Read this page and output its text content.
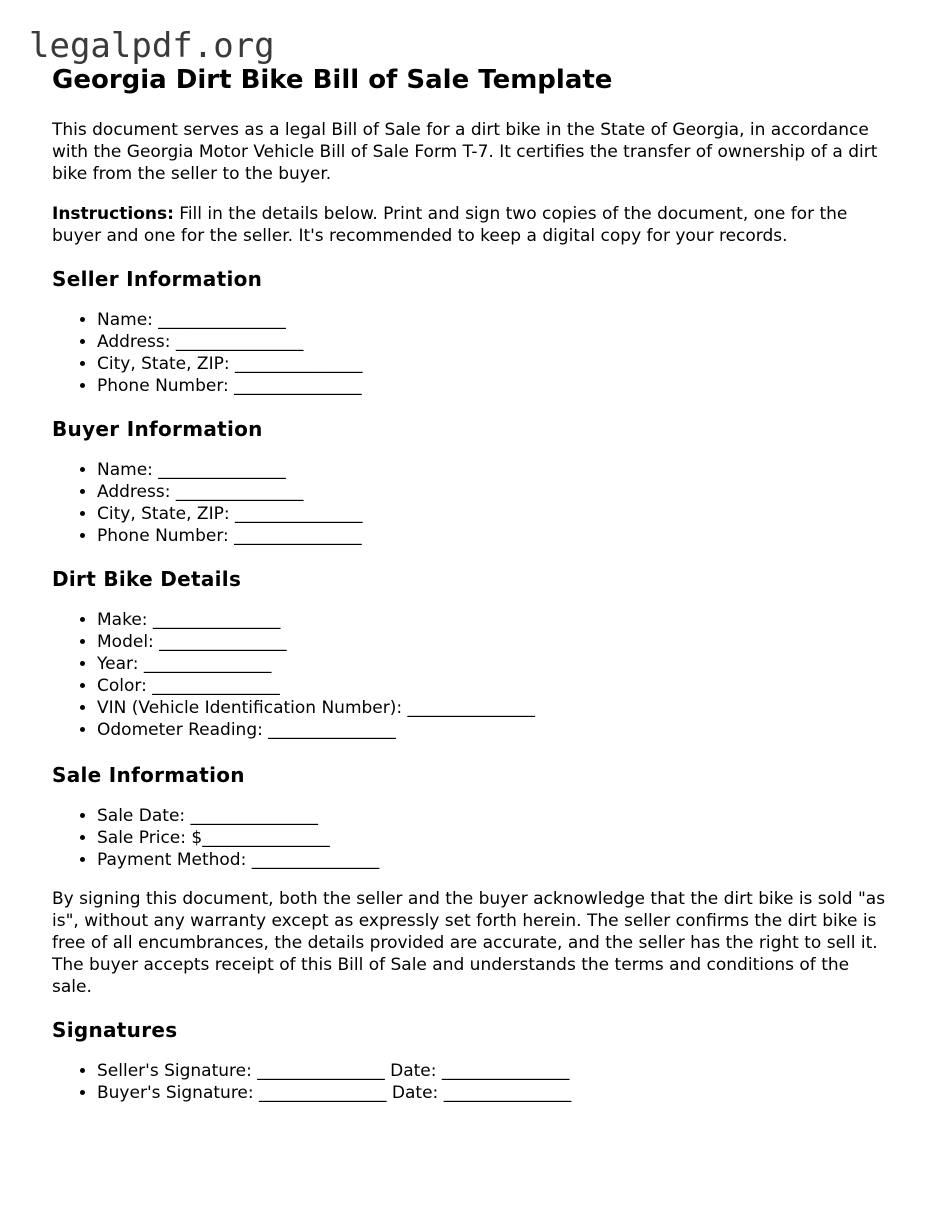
legalpdf.org
Georgia Dirt Bike Bill of Sale Template

This document serves as a legal Bill of Sale for a dirt bike in the State of Georgia, in accordance with the Georgia Motor Vehicle Bill of Sale Form T-7. It certifies the transfer of ownership of a dirt bike from the seller to the buyer.

Instructions: Fill in the details below. Print and sign two copies of the document, one for the buyer and one for the seller. It's recommended to keep a digital copy for your records.

Seller Information
• Name: _______________
• Address: _______________
• City, State, ZIP: _______________
• Phone Number: _______________
Buyer Information
• Name: _______________
• Address: _______________
• City, State, ZIP: _______________
• Phone Number: _______________
Dirt Bike Details
• Make: _______________
• Model: _______________
• Year: _______________
• Color: _______________
• VIN (Vehicle Identification Number): _______________
• Odometer Reading: _______________
Sale Information
• Sale Date: _______________
• Sale Price: $_______________
• Payment Method: _______________

By signing this document, both the seller and the buyer acknowledge that the dirt bike is sold "as is", without any warranty except as expressly set forth herein. The seller confirms the dirt bike is free of all encumbrances, the details provided are accurate, and the seller has the right to sell it. The buyer accepts receipt of this Bill of Sale and understands the terms and conditions of the sale.

Signatures
• Seller's Signature: _______________ Date: _______________
• Buyer's Signature: _______________ Date: _______________
